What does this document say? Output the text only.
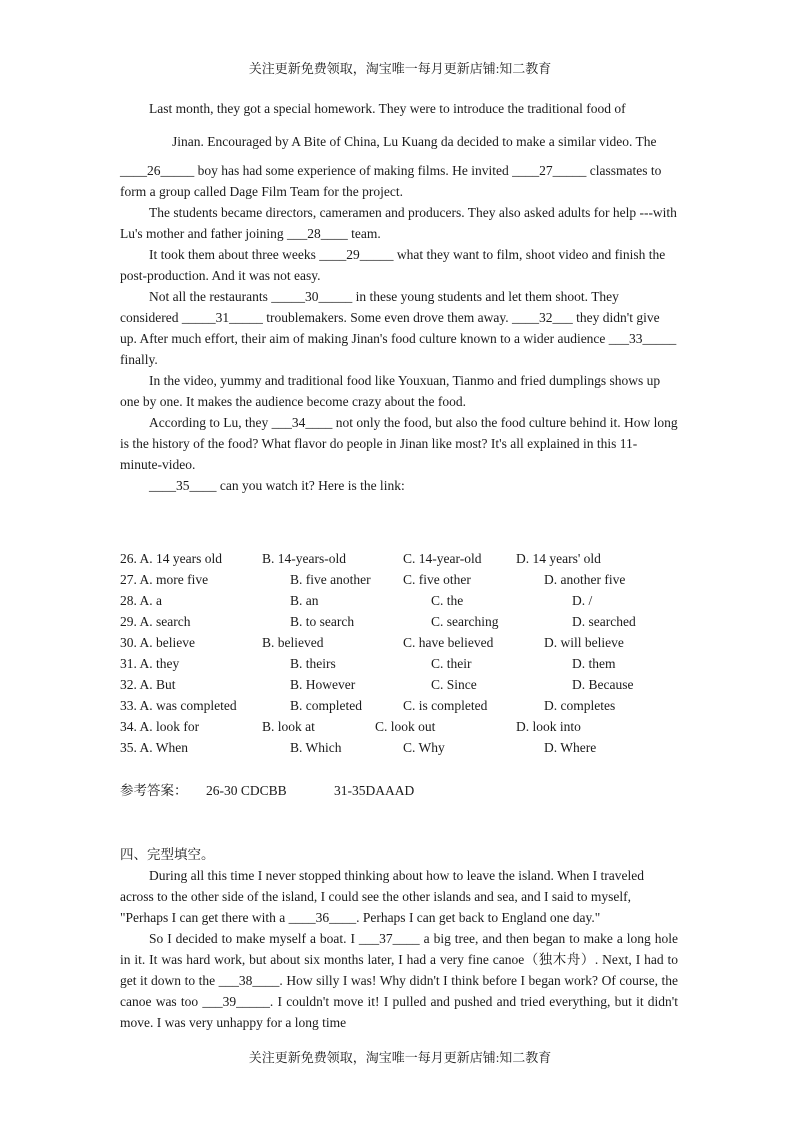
关注更新免费领取，淘宝唯一每月更新店铺:知二教育
Last month, they got a special homework. They were to introduce the traditional food of
Jinan. Encouraged by A Bite of China, Lu Kuang da decided to make a similar video. The

____26_____ boy has had some experience of making films. He invited ____27_____ classmates to form a group called Dage Film Team for the project.

The students became directors, cameramen and producers. They also asked adults for help ---with Lu's mother and father joining ___28____ team.

It took them about three weeks ____29_____ what they want to film, shoot video and finish the post-production. And it was not easy.

Not all the restaurants _____30_____ in these young students and let them shoot. They considered _____31_____ troublemakers. Some even drove them away. ____32___ they didn't give up. After much effort, their aim of making Jinan's food culture known to a wider audience ___33_____ finally.

In the video, yummy and traditional food like Youxuan, Tianmo and fried dumplings shows up one by one. It makes the audience become crazy about the food.

According to Lu, they ___34____ not only the food, but also the food culture behind it. How long is the history of the food? What flavor do people in Jinan like most? It's all explained in this 11-minute-video.

____35____ can you watch it? Here is the link:

26. A. 14 years old	B. 14-years-old	C. 14-year-old	D. 14 years' old
27. A. more five	B. five another C. five other	D. another five
28. A. a	B. an	C. the	D. /
29. A. search	B. to search	C. searching	D. searched
30. A. believe	B. believed	C. have believed	D. will believe
31. A. they	B. theirs	C. their	D. them
32. A. But	B. However	C. Since	D. Because
33. A. was completed	B. completed	C. is completed	D. completes
34. A. look for	B. look at	C. look out	D. look into
35. A. When	B. Which	C. Why	D. Where
参考答案： 26-30 CDCBB	31-35DAAAD
四、完型填空。

During all this time I never stopped thinking about how to leave the island. When I traveled across to the other side of the island, I could see the other islands and sea, and I said to myself, "Perhaps I can get there with a ____36____. Perhaps I can get back to England one day."

So I decided to make myself a boat. I ___37____ a big tree, and then began to make a long hole in it. It was hard work, but about six months later, I had a very fine canoe（独木舟）. Next, I had to get it down to the ___38____. How silly I was! Why didn't I think before I began work? Of course, the canoe was too ___39_____. I couldn't move it! I pulled and pushed and tried everything, but it didn't move. I was very unhappy for a long time

关注更新免费领取，淘宝唯一每月更新店铺:知二教育
